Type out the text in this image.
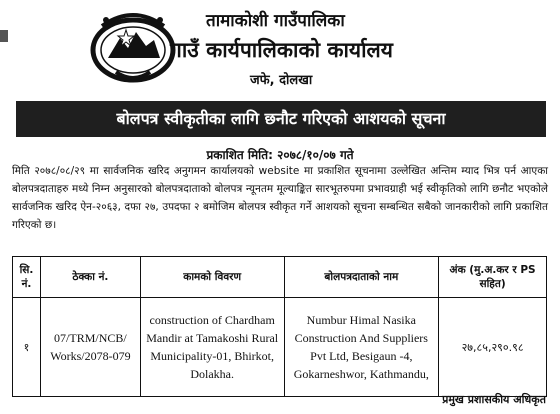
तामाकोशी गाउँपालिका
गाउँ कार्यपालिकाको कार्यालय
जफे, दोलखा
बोलपत्र स्वीकृतीका लागि छनौट गरिएको आशयको सूचना
प्रकाशित मिति: २०७८/१०/०७ गते
मिति २०७८/०८/२९ मा सार्वजनिक खरिद अनुगमन कार्यालयको website मा प्रकाशित सूचनामा उल्लेखित अन्तिम म्याद भित्र पर्न आएका बोलपत्रदाताहरु मध्ये निम्न अनुसारको बोलपत्रदाताको बोलपत्र न्यूनतम मूल्याङ्कित सारभूतरुपमा प्रभावग्राही भई स्वीकृतिको लागि छनौट भएकोले सार्वजनिक खरिद ऐन-२०६३, दफा २७, उपदफा २ बमोजिम बोलपत्र स्वीकृत गर्ने आशयको सूचना सम्बन्धित सबैको जानकारीको लागि प्रकाशित गरिएको छ।
सि. नं.	ठेक्का नं.	कामको विवरण	बोलपत्रदाताको नाम	अंक (मु.अ.कर र PS सहित)
१	07/TRM/NCB/ Works/2078-079	construction of Chardham Mandir at Tamakoshi Rural Municipality-01, Bhirkot, Dolakha.	Numbur Himal Nasika Construction And Suppliers Pvt Ltd, Besigaun -4, Gokarneshwor, Kathmandu,	२७,८५,२९०.९८
प्रमुख प्रशासकीय अधिकृत
